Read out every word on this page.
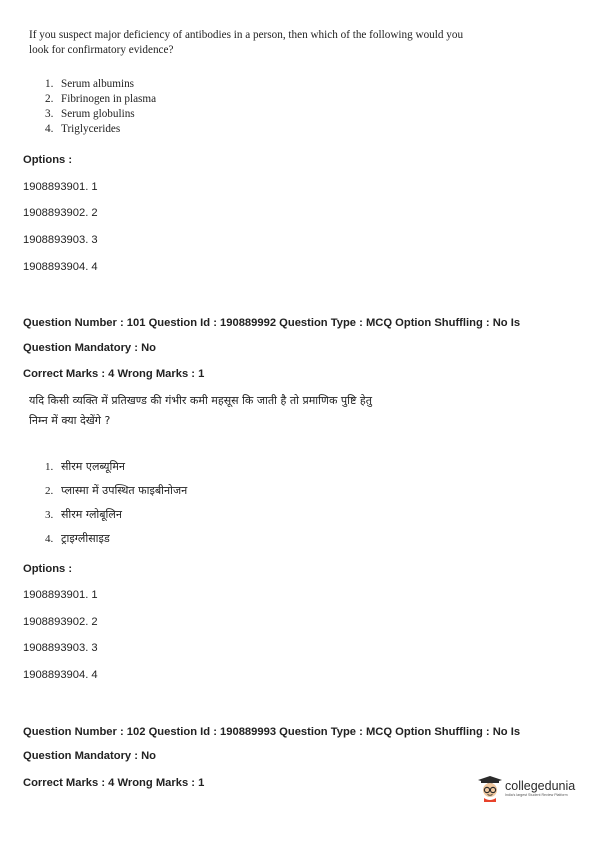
If you suspect major deficiency of antibodies in a person, then which of the following would you
look for confirmatory evidence?
1. Serum albumins
2. Fibrinogen in plasma
3. Serum globulins
4. Triglycerides
Options :
1908893901. 1
1908893902. 2
1908893903. 3
1908893904. 4
Question Number : 101 Question Id : 190889992 Question Type : MCQ Option Shuffling : No Is
Question Mandatory : No
Correct Marks : 4 Wrong Marks : 1
यदि किसी व्यक्ति में प्रतिखण्ड की गंभीर कमी महसूस कि जाती है तो प्रमाणिक पुष्टि हेतु
निम्न में क्या देखेंगे ?
1. सीरम एलब्यूमिन
2. प्लास्मा में उपस्थित फाइबीनोजन
3. सीरम ग्लोबूलिन
4. ट्राइग्लीसाइड
Options :
1908893901. 1
1908893902. 2
1908893903. 3
1908893904. 4
Question Number : 102 Question Id : 190889993 Question Type : MCQ Option Shuffling : No Is
Question Mandatory : No
Correct Marks : 4 Wrong Marks : 1	collegedunia
India's largest Student Review Platform
